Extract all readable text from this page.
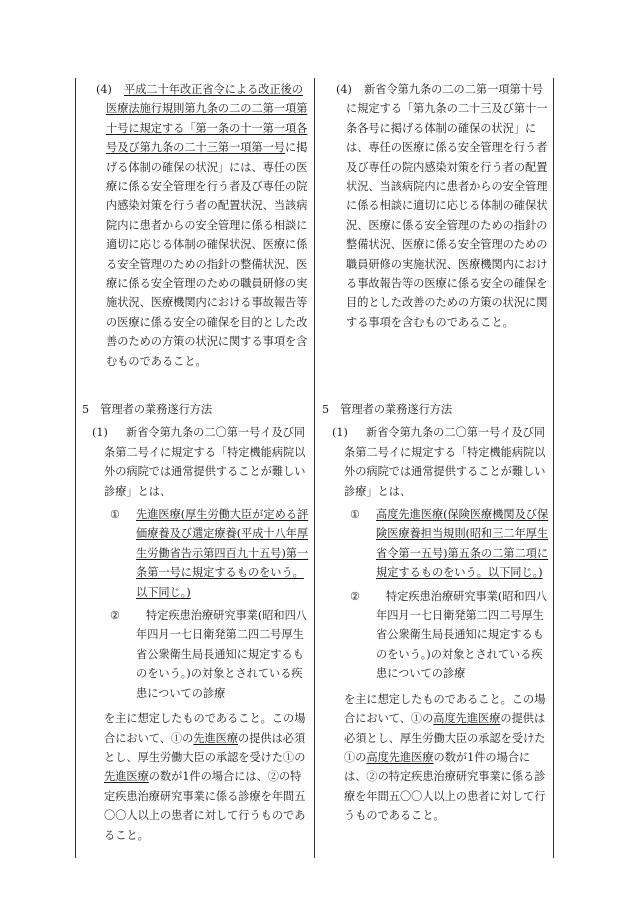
(4)	平成二十年改正省令による改正後の医療法施行規則第九条の二の二第一項第十号に規定する「第一条の十一第一項各号及び第九条の二十三第一項第一号に掲げる体制の確保の状況」には、専任の医療に係る安全管理を行う者及び専任の院内感染対策を行う者の配置状況、当該病院内に患者からの安全管理に係る相談に適切に応じる体制の確保状況、医療に係る安全管理のための指針の整備状況、医療に係る安全管理のための職員研修の実施状況、医療機関内における事故報告等の医療に係る安全の確保を目的とした改善のための方策の状況に関する事項を含むものであること。

5　管理者の業務遂行方法

(1)	新省令第九条の二〇第一号イ及び同条第二号イに規定する「特定機能病院以外の病院では通常提供することが難しい診療」とは、

① 先進医療(厚生労働大臣が定める評価療養及び選定療養(平成十八年厚生労働省告示第四百九十五号)第一条第一号に規定するものをいう。以下同じ。)

②	特定疾患治療研究事業(昭和四八年四月一七日衛発第二四二号厚生省公衆衛生局長通知に規定するものをいう。)の対象とされている疾患についての診療

を主に想定したものであること。この場合において、①の先進医療の提供は必須とし、厚生労働大臣の承認を受けた①の先進医療の数が1件の場合には、②の特定疾患治療研究事業に係る診療を年間五〇〇人以上の患者に対して行うものであること。

(4)	新省令第九条の二の二第一項第十号に規定する「第九条の二十三及び第十一条各号に掲げる体制の確保の状況」には、専任の医療に係る安全管理を行う者及び専任の院内感染対策を行う者の配置状況、当該病院内に患者からの安全管理に係る相談に適切に応じる体制の確保状況、医療に係る安全管理のための指針の整備状況、医療に係る安全管理のための職員研修の実施状況、医療機関内における事故報告等の医療に係る安全の確保を目的とした改善のための方策の状況に関する事項を含むものであること。

5　管理者の業務遂行方法

(1)	新省令第九条の二〇第一号イ及び同条第二号イに規定する「特定機能病院以外の病院では通常提供することが難しい診療」とは、

① 高度先進医療(保険医療機関及び保険医療養担当規則(昭和三二年厚生省令第一五号)第五条の二第二項に規定するものをいう。以下同じ。)

②	特定疾患治療研究事業(昭和四八年四月一七日衛発第二四二号厚生省公衆衛生局長通知に規定するものをいう。)の対象とされている疾患についての診療

を主に想定したものであること。この場合において、①の高度先進医療の提供は必須とし、厚生労働大臣の承認を受けた①の高度先進医療の数が1件の場合には、②の特定疾患治療研究事業に係る診療を年間五〇〇人以上の患者に対して行うものであること。
